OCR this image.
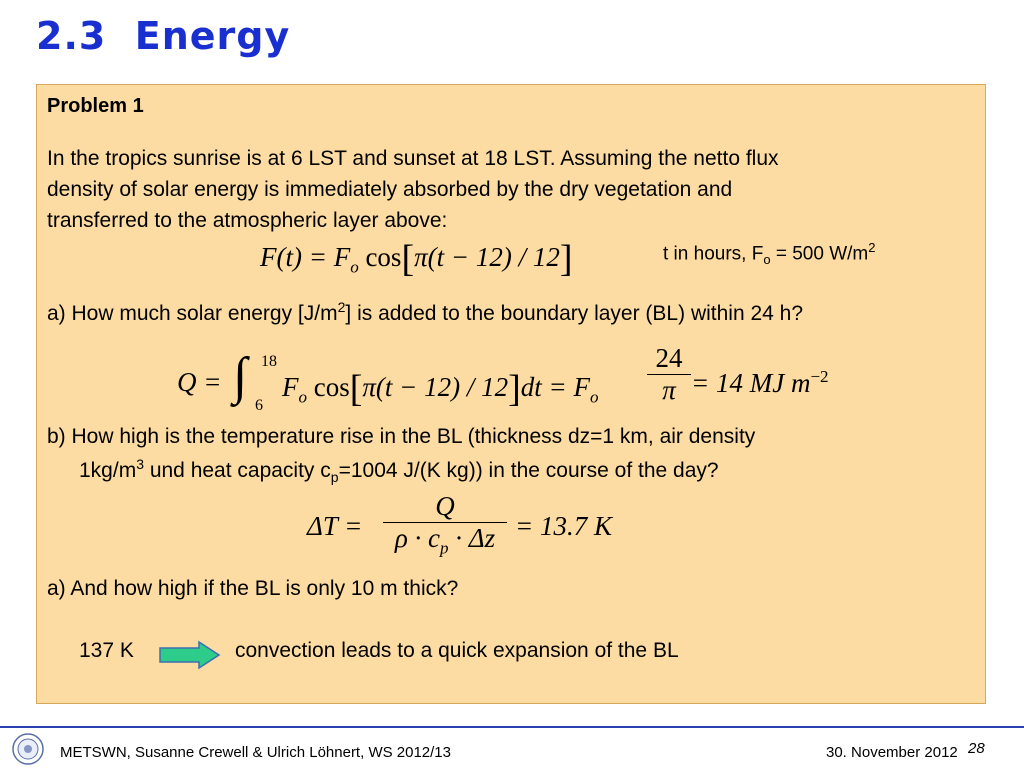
2.3  Energy
Problem 1
In the tropics sunrise is at 6 LST and sunset at 18 LST. Assuming the netto flux
density of solar energy is immediately absorbed by the dry vegetation and
transferred to the atmospheric layer above:
$F(t) = F_o$ cos[π(t − 12) / 12]	t in hours, $F_o = 500$ $W/m^2$
a) How much solar energy $[J/m^2]$ is added to the boundary layer (BL) within 24 h?
Q = ∫ 18
6
$F_o$ $\cos[\pi(t - 12) / 12]dt = F_o \frac{24}{\pi} = 14$ MJ $m^{-2}$
b) How high is the temperature rise in the BL (thickness dz=1 km, air density
$1kg/m^3$ und heat capacity $c_p=1004$ J/(K kg)) in the course of the day?
$\Delta T = \frac{Q}{\rho \cdot c_p \cdot \Delta z} = 13.7$ K
a) And how high if the BL is only 10 m thick?
137 K	convection leads to a quick expansion of the BL
METSWN, Susanne Crewell & Ulrich Löhnert, WS 2012/13	30. November 2012 28
